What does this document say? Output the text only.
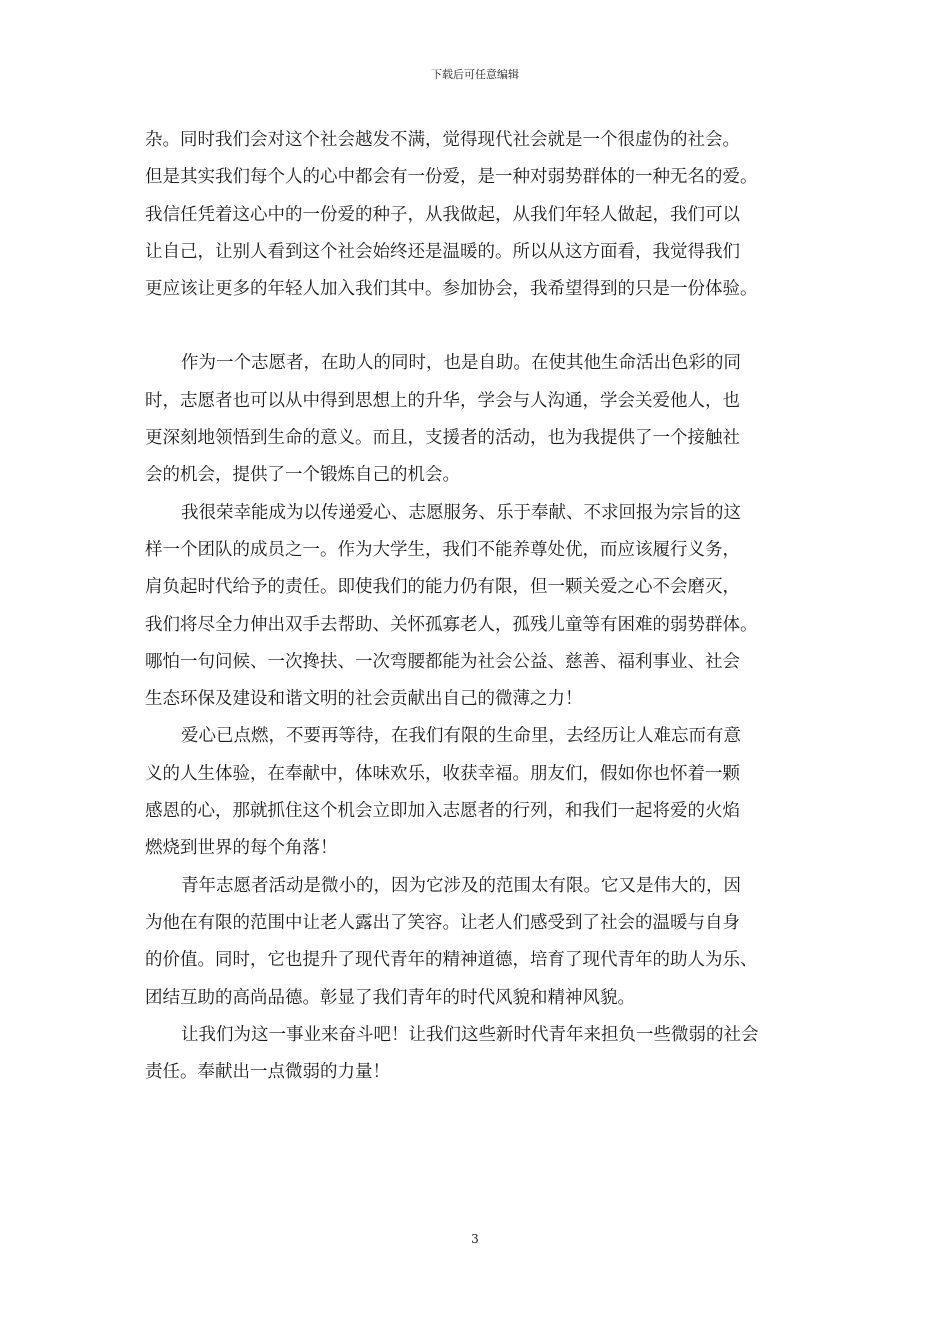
下载后可任意编辑
杂。同时我们会对这个社会越发不满，觉得现代社会就是一个很虚伪的社会。
但是其实我们每个人的心中都会有一份爱，是一种对弱势群体的一种无名的爱。
我信任凭着这心中的一份爱的种子，从我做起，从我们年轻人做起，我们可以
让自己，让别人看到这个社会始终还是温暖的。所以从这方面看，我觉得我们
更应该让更多的年轻人加入我们其中。参加协会，我希望得到的只是一份体验。
作为一个志愿者，在助人的同时，也是自助。在使其他生命活出色彩的同
时，志愿者也可以从中得到思想上的升华，学会与人沟通，学会关爱他人，也
更深刻地领悟到生命的意义。而且，支援者的活动，也为我提供了一个接触社
会的机会，提供了一个锻炼自己的机会。
我很荣幸能成为以传递爱心、志愿服务、乐于奉献、不求回报为宗旨的这
样一个团队的成员之一。作为大学生，我们不能养尊处优，而应该履行义务，
肩负起时代给予的责任。即使我们的能力仍有限，但一颗关爱之心不会磨灭，
我们将尽全力伸出双手去帮助、关怀孤寡老人，孤残儿童等有困难的弱势群体。
哪怕一句问候、一次搀扶、一次弯腰都能为社会公益、慈善、福利事业、社会
生态环保及建设和谐文明的社会贡献出自己的微薄之力！
爱心已点燃，不要再等待，在我们有限的生命里，去经历让人难忘而有意
义的人生体验，在奉献中，体味欢乐，收获幸福。朋友们，假如你也怀着一颗
感恩的心，那就抓住这个机会立即加入志愿者的行列，和我们一起将爱的火焰
燃烧到世界的每个角落！
青年志愿者活动是微小的，因为它涉及的范围太有限。它又是伟大的，因
为他在有限的范围中让老人露出了笑容。让老人们感受到了社会的温暖与自身
的价值。同时，它也提升了现代青年的精神道德，培育了现代青年的助人为乐、
团结互助的高尚品德。彰显了我们青年的时代风貌和精神风貌。
让我们为这一事业来奋斗吧！让我们这些新时代青年来担负一些微弱的社会
责任。奉献出一点微弱的力量！
3
